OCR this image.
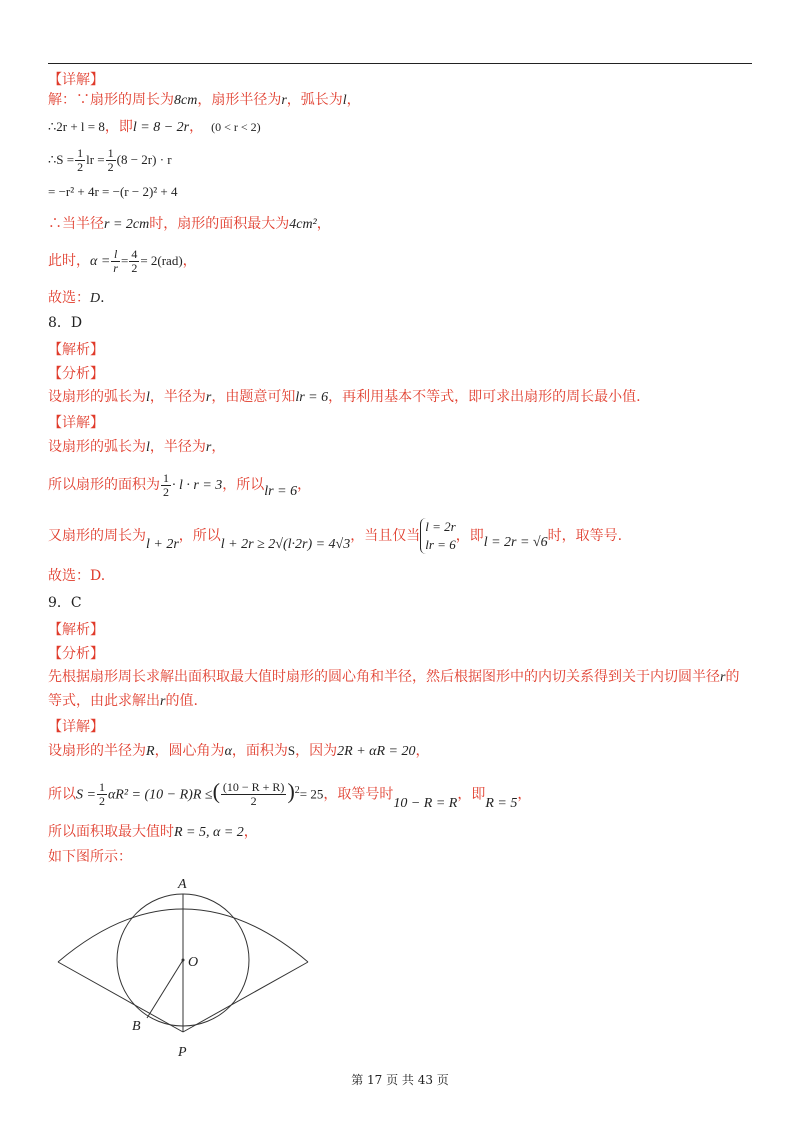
【详解】
解：∵扇形的周长为8cm，扇形半径为r，弧长为l，
∴2r + l = 8，即l = 8 − 2r， (0 < r < 2)
∴S = $\frac{1}{2}$ lr = $\frac{1}{2} (8 - 2r) \cdot r$
= −r² + 4r = −(r − 2)² + 4
∴当半径r = 2cm时，扇形的面积最大为4cm²，
此时，$\alpha = \frac{l}{r} = \frac{4}{2} = 2(rad)$，
故选：D.
8．D
【解析】
【分析】
设扇形的弧长为l，半径为r，由题意可知lr = 6，再利用基本不等式，即可求出扇形的周长最小值.
【详解】
设扇形的弧长为l，半径为r，
所以扇形的面积为 $\frac{1}{2} \cdot l \cdot r = 3$，所以lr = 6，
又扇形的周长为l + 2r，所以l + 2r ≥ 2√(l·2r) = 4√3，当且仅当
l = 2r
lr = 6
，即l = 2r = √6时，取等号.
故选：D.
9．C
【解析】
【分析】
先根据扇形周长求解出面积取最大值时扇形的圆心角和半径，然后根据图形中的内切关系得到关于内切圆半径r的
等式，由此求解出r的值.
【详解】
设扇形的半径为R，圆心角为α，面积为S，因为2R + αR = 20，
所以$S = \frac{1}{2} \alpha R^2 = (10 - R)R$ ≤( $\frac{(10 - R + R)}{2} )^2= 25$，取等号时10 − R = R，即R = 5，
所以面积取最大值时R = 5, α = 2，
如下图所示：
A
O
B
P
第 17 页 共 43 页
